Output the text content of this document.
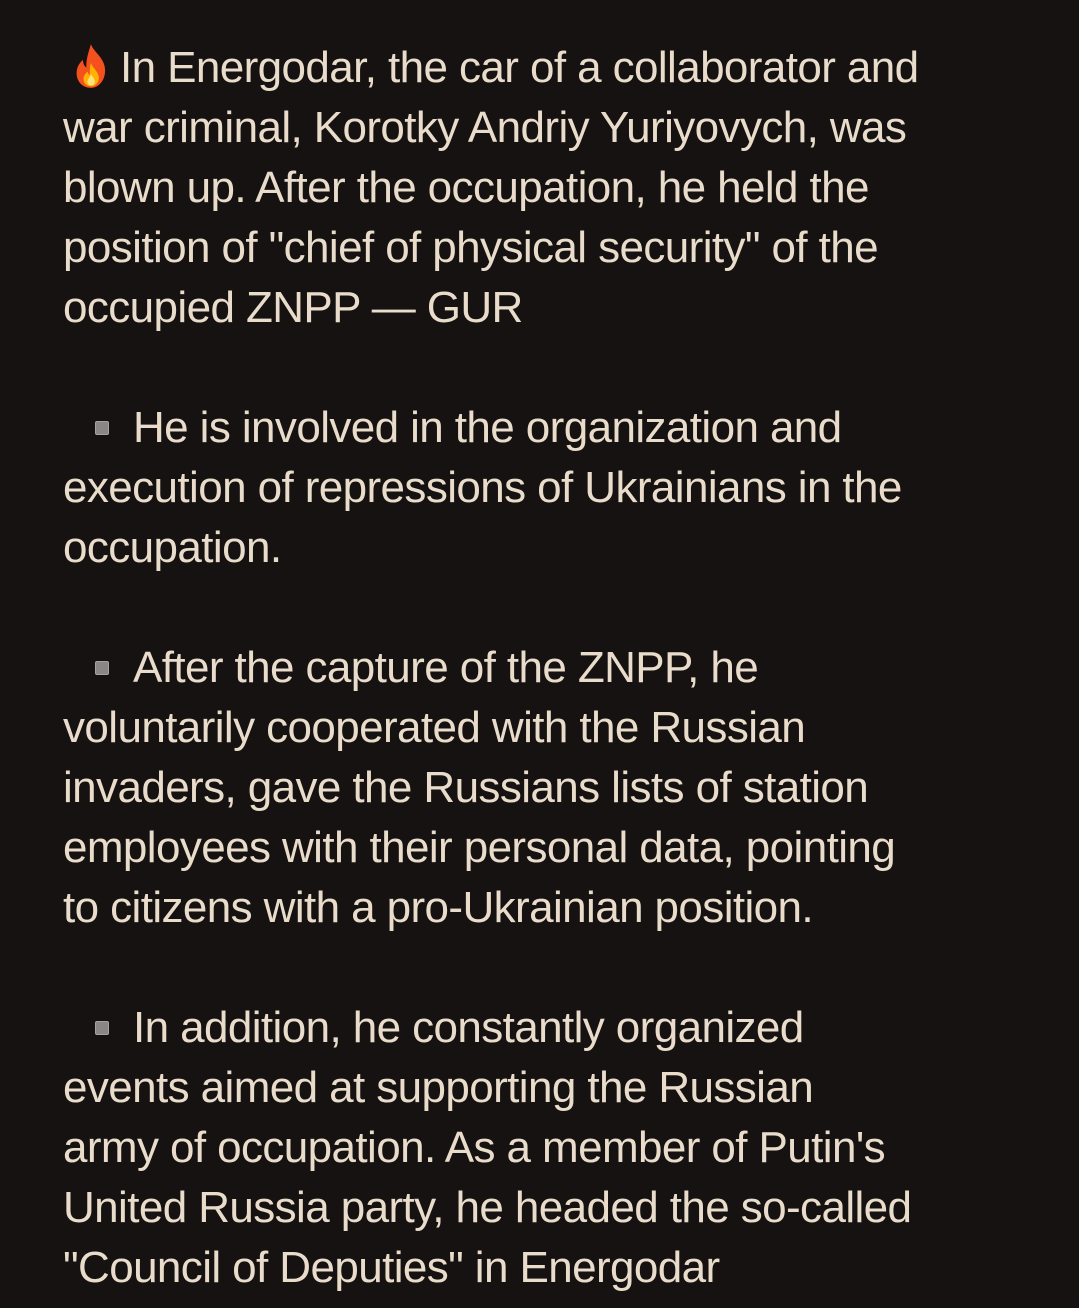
In Energodar, the car of a collaborator and
war criminal, Korotky Andriy Yuriyovych, was
blown up. After the occupation, he held the
position of "chief of physical security" of the
occupied ZNPP — GUR

He is involved in the organization and
execution of repressions of Ukrainians in the
occupation.

After the capture of the ZNPP, he
voluntarily cooperated with the Russian
invaders, gave the Russians lists of station
employees with their personal data, pointing
to citizens with a pro-Ukrainian position.

In addition, he constantly organized
events aimed at supporting the Russian
army of occupation. As a member of Putin's
United Russia party, he headed the so-called
"Council of Deputies" in Energodar
